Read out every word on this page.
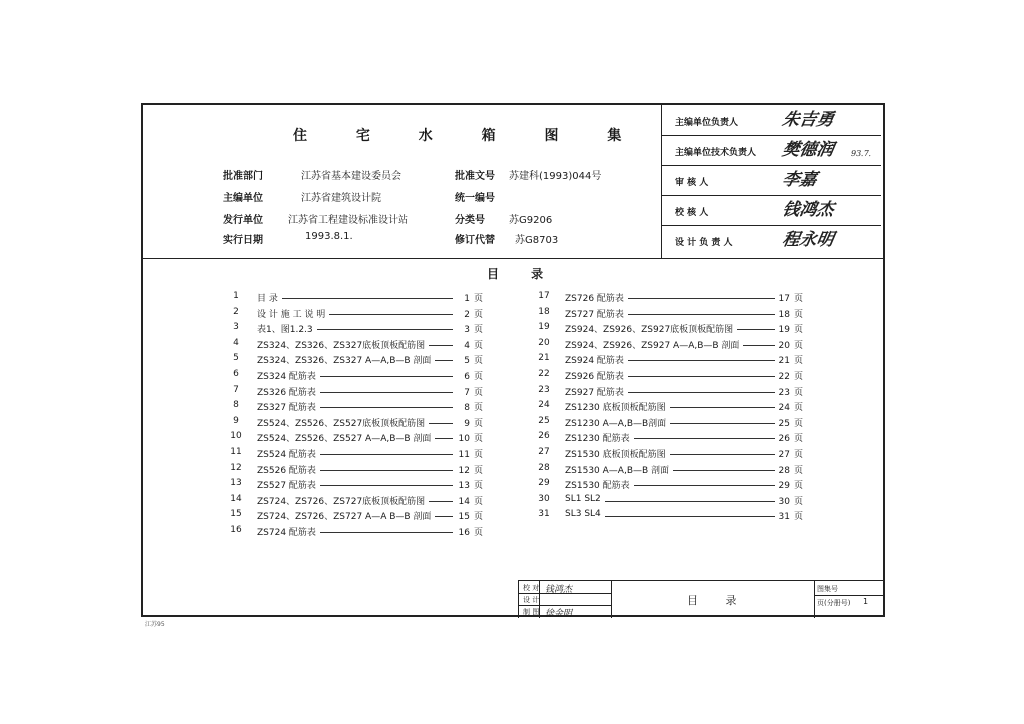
住 宅 水 箱 图 集
批准部门	江苏省基本建设委员会	批准文号 苏建科(1993)044号
主编单位	江苏省建筑设计院	统一编号
发行单位	江苏省工程建设标准设计站	分类号 苏G9206
实行日期	1993.8.1.	修订代替 苏G8703
主编单位负责人	朱吉勇
主编单位技术负责人 樊德润 93.7.
审 核 人	李嘉
校 核 人	钱鸿杰
设 计 负 责 人	程永明
目 录
1	目 录	1 页
2	设 计 施 工 说 明	2 页
3	表1、图1.2.3	3 页
4	ZS324、ZS326、ZS327底板顶板配筋图	4 页
5	ZS324、ZS326、ZS327 A—A,B—B 剖面	5 页
6	ZS324 配筋表	6 页
7	ZS326 配筋表	7 页
8	ZS327 配筋表	8 页
9	ZS524、ZS526、ZS527底板顶板配筋图	9 页
10	ZS524、ZS526、ZS527 A—A,B—B 剖面	10 页
11	ZS524 配筋表	11 页
12	ZS526 配筋表	12 页
13	ZS527 配筋表	13 页
14	ZS724、ZS726、ZS727底板顶板配筋图	14 页
15	ZS724、ZS726、ZS727 A—A B—B 剖面	15 页
16	ZS724 配筋表	16 页
17	ZS726 配筋表	17 页
18	ZS727 配筋表	18 页
19	ZS924、ZS926、ZS927底板顶板配筋图	19 页
20	ZS924、ZS926、ZS927 A—A,B—B 剖面	20 页
21	ZS924 配筋表	21 页
22	ZS926 配筋表	22 页
23	ZS927 配筋表	23 页
24	ZS1230 底板顶板配筋图	24 页
25	ZS1230 A—A,B—B剖面	25 页
26	ZS1230 配筋表	26 页
27	ZS1530 底板顶板配筋图	27 页
28	ZS1530 A—A,B—B 剖面	28 页
29	ZS1530 配筋表	29 页
30	SL1 SL2	30 页
31	SL3 SL4	31 页
校 对 钱鸿杰
设 计
制 图 徐金明
目 录
图集号
页(分册号) 1
江苏95
